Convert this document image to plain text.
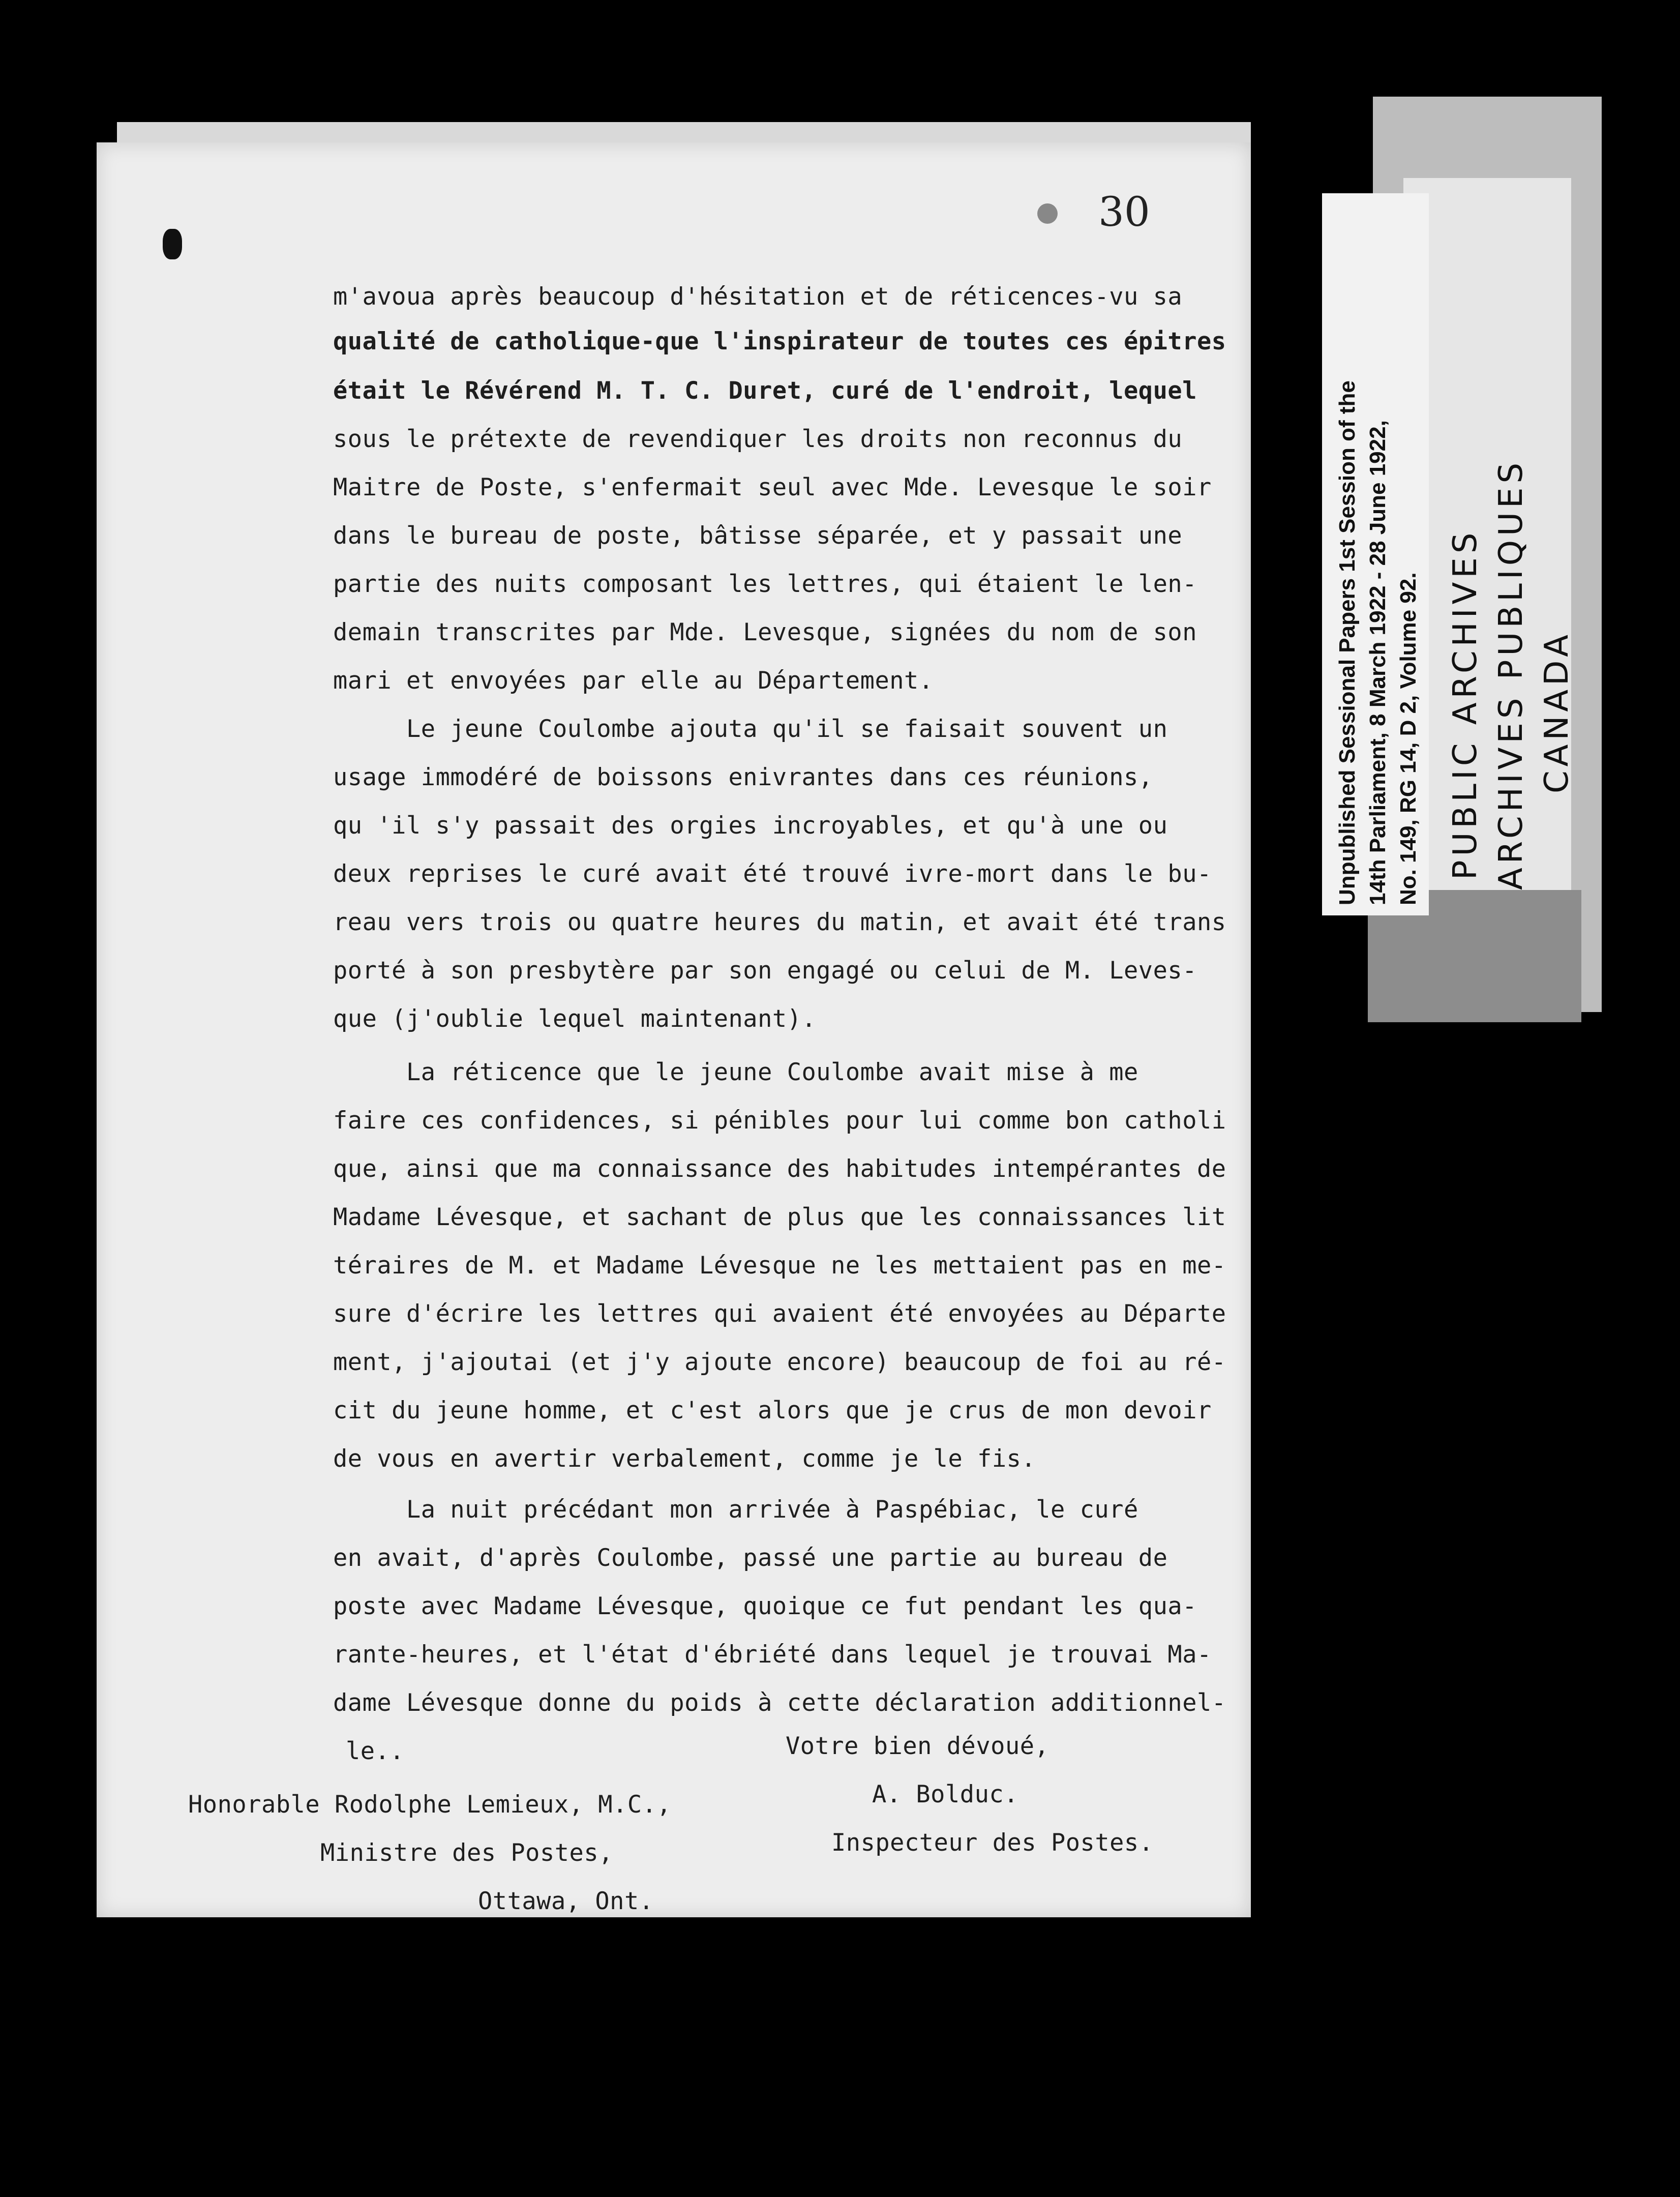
30
m'avoua après beaucoup d'hésitation et de réticences-vu sa
qualité de catholique-que l'inspirateur de toutes ces épitres
était le Révérend M. T. C. Duret, curé de l'endroit, lequel
sous le prétexte de revendiquer les droits non reconnus du
Maitre de Poste, s'enfermait seul avec Mde. Levesque le soir
dans le bureau de poste, bâtisse séparée, et y passait une
partie des nuits composant les lettres, qui étaient le len-
demain transcrites par Mde. Levesque, signées du nom de son
mari et envoyées par elle au Département.
Le jeune Coulombe ajouta qu'il se faisait souvent un
usage immodéré de boissons enivrantes dans ces réunions,
qu 'il s'y passait des orgies incroyables, et qu'à une ou
deux reprises le curé avait été trouvé ivre-mort dans le bu-
reau vers trois ou quatre heures du matin, et avait été trans
porté à son presbytère par son engagé ou celui de M. Leves-
que (j'oublie lequel maintenant).
La réticence que le jeune Coulombe avait mise à me
faire ces confidences, si pénibles pour lui comme bon catholi
que, ainsi que ma connaissance des habitudes intempérantes de
Madame Lévesque, et sachant de plus que les connaissances lit
téraires de M. et Madame Lévesque ne les mettaient pas en me-
sure d'écrire les lettres qui avaient été envoyées au Départe
ment, j'ajoutai (et j'y ajoute encore) beaucoup de foi au ré-
cit du jeune homme, et c'est alors que je crus de mon devoir
de vous en avertir verbalement, comme je le fis.
La nuit précédant mon arrivée à Paspébiac, le curé
en avait, d'après Coulombe, passé une partie au bureau de
poste avec Madame Lévesque, quoique ce fut pendant les qua-
rante-heures, et l'état d'ébriété dans lequel je trouvai Ma-
dame Lévesque donne du poids à cette déclaration additionnel-
le..	Votre bien dévoué,
A. Bolduc.
Inspecteur des Postes.
Honorable Rodolphe Lemieux, M.C.,
Ministre des Postes,
Ottawa, Ont.
Unpublished Sessional Papers 1st Session of the 14th Parliament, 8 March 1922 - 28 June 1922, No. 149, RG 14, D 2, Volume 92. PUBLIC ARCHIVES ARCHIVES PUBLIQUES CANADA
